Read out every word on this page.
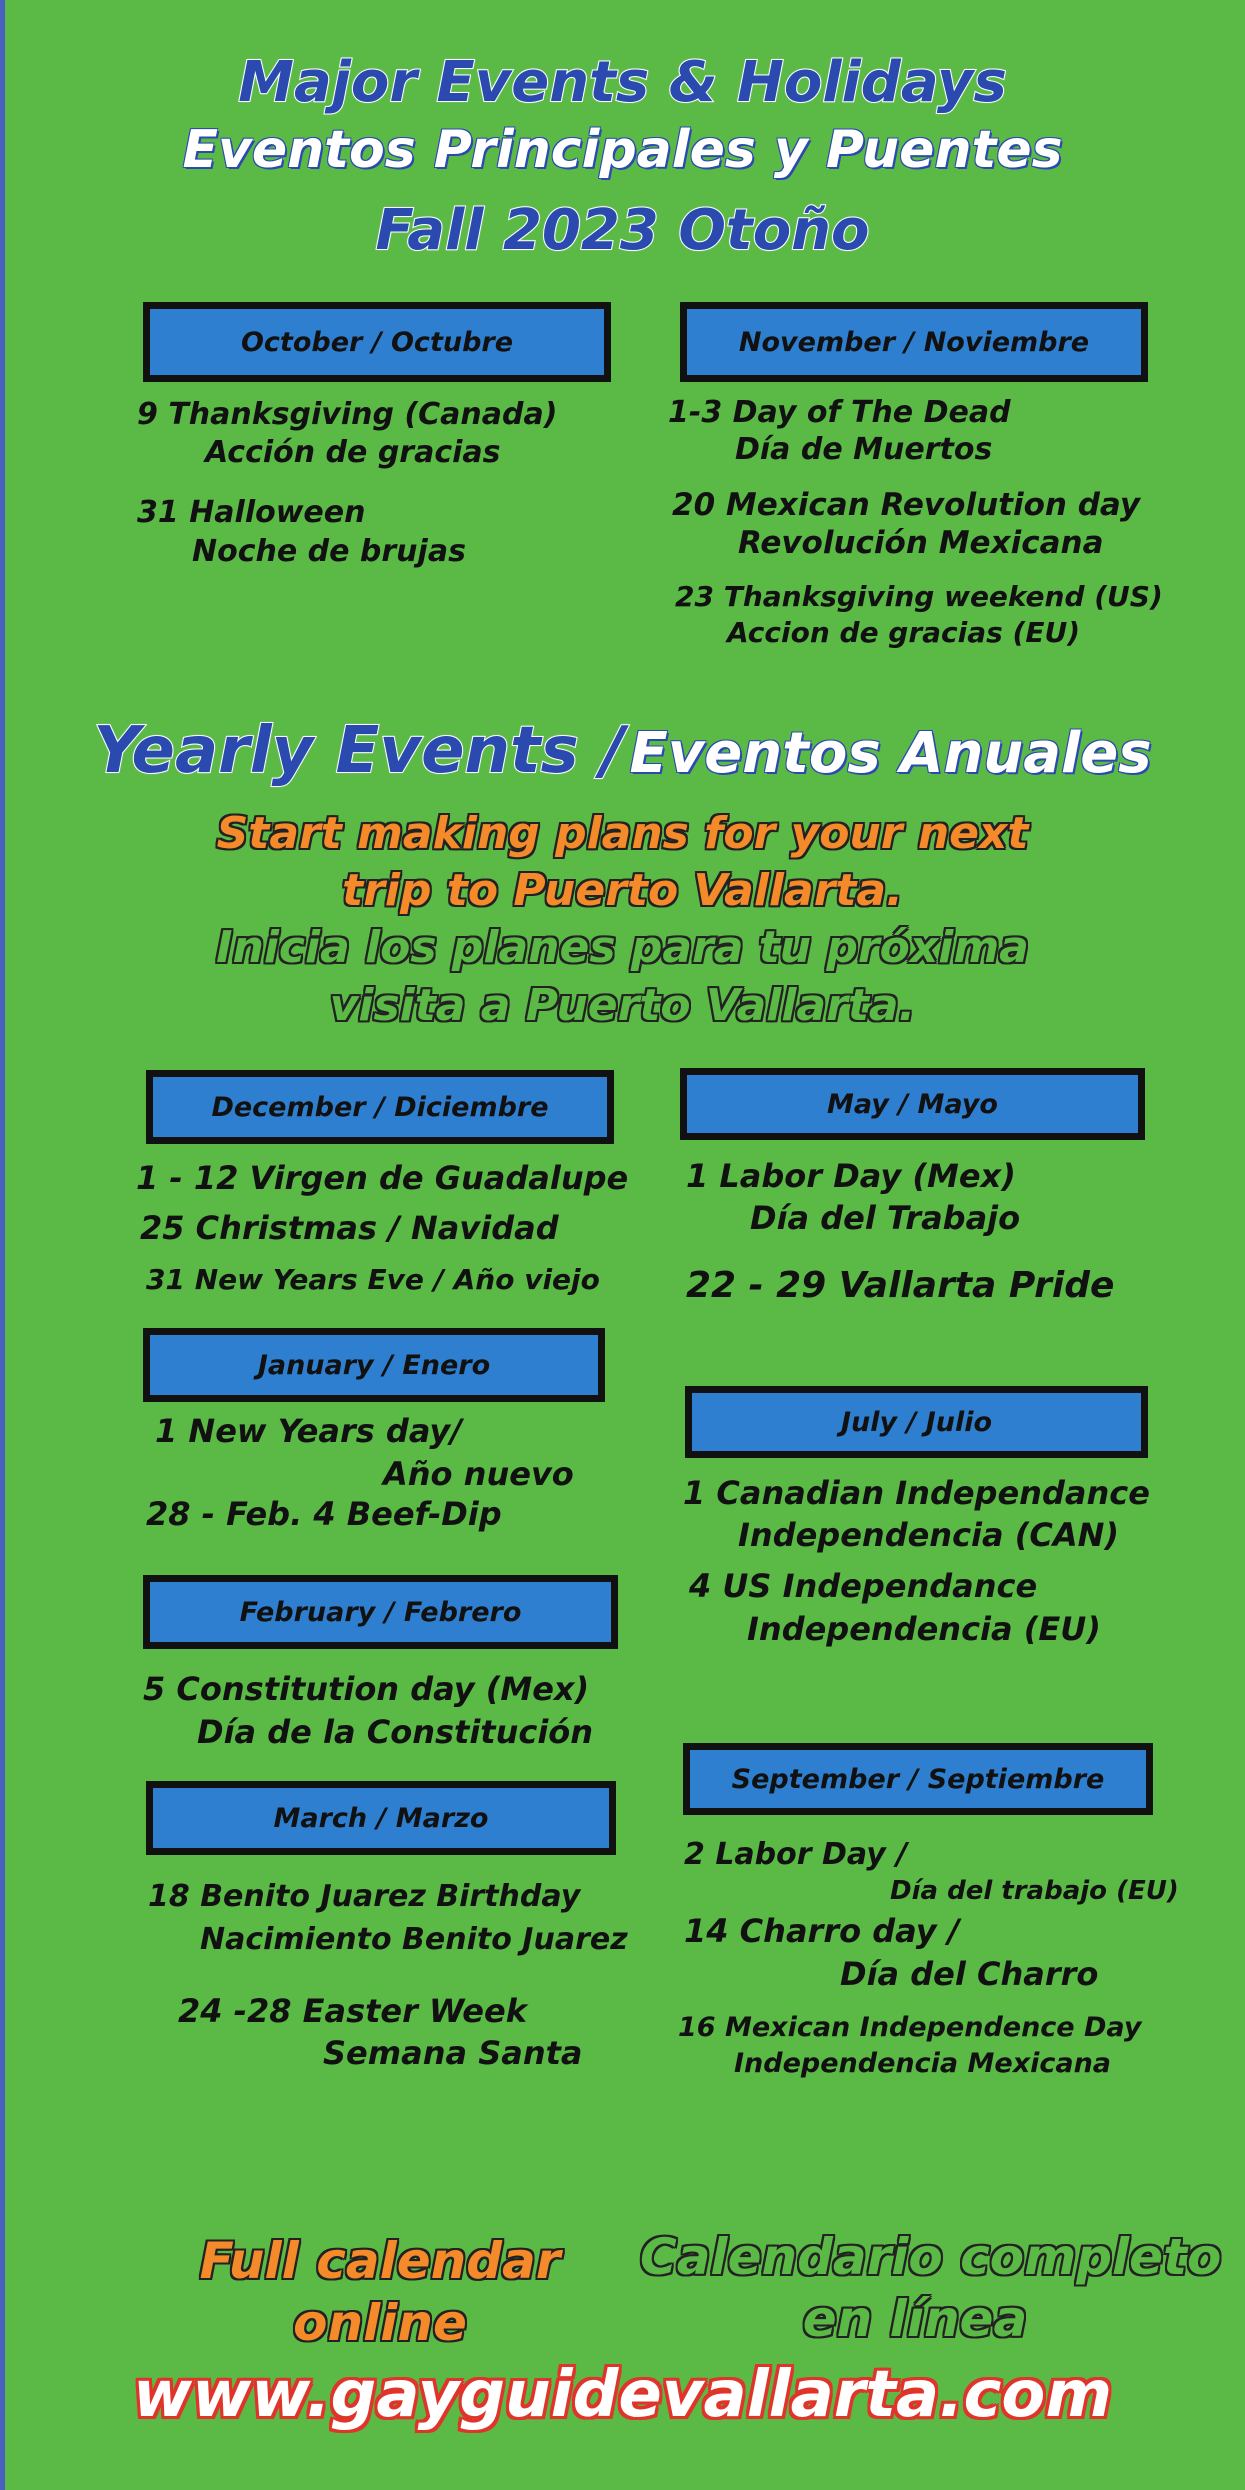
Major Events & Holidays
Eventos Principales y Puentes
Fall 2023 Otoño
October / Octubre
9 Thanksgiving (Canada)
Acción de gracias
31 Halloween
Noche de brujas
November / Noviembre
1-3 Day of The Dead
Día de Muertos
20 Mexican Revolution day
Revolución Mexicana
23 Thanksgiving weekend (US)
Accion de gracias (EU)
Yearly Events / Eventos Anuales
Start making plans for your next
trip to Puerto Vallarta.
Inicia los planes para tu próxima
visita a Puerto Vallarta.
December / Diciembre
1 - 12 Virgen de Guadalupe
25 Christmas / Navidad
31 New Years Eve / Año viejo
January / Enero
1 New Years day/
Año nuevo
28 - Feb. 4 Beef-Dip
February / Febrero
5 Constitution day (Mex)
Día de la Constitución
March / Marzo
18 Benito Juarez Birthday
Nacimiento Benito Juarez
24 -28 Easter Week
Semana Santa
May / Mayo
1 Labor Day (Mex)
Día del Trabajo
22 - 29 Vallarta Pride
July / Julio
1 Canadian Independance
Independencia (CAN)
4 US Independance
Independencia (EU)
September / Septiembre
2 Labor Day /
Día del trabajo (EU)
14 Charro day /
Día del Charro
16 Mexican Independence Day
Independencia Mexicana
Full calendar
online
Calendario completo
en línea
www.gayguidevallarta.com
